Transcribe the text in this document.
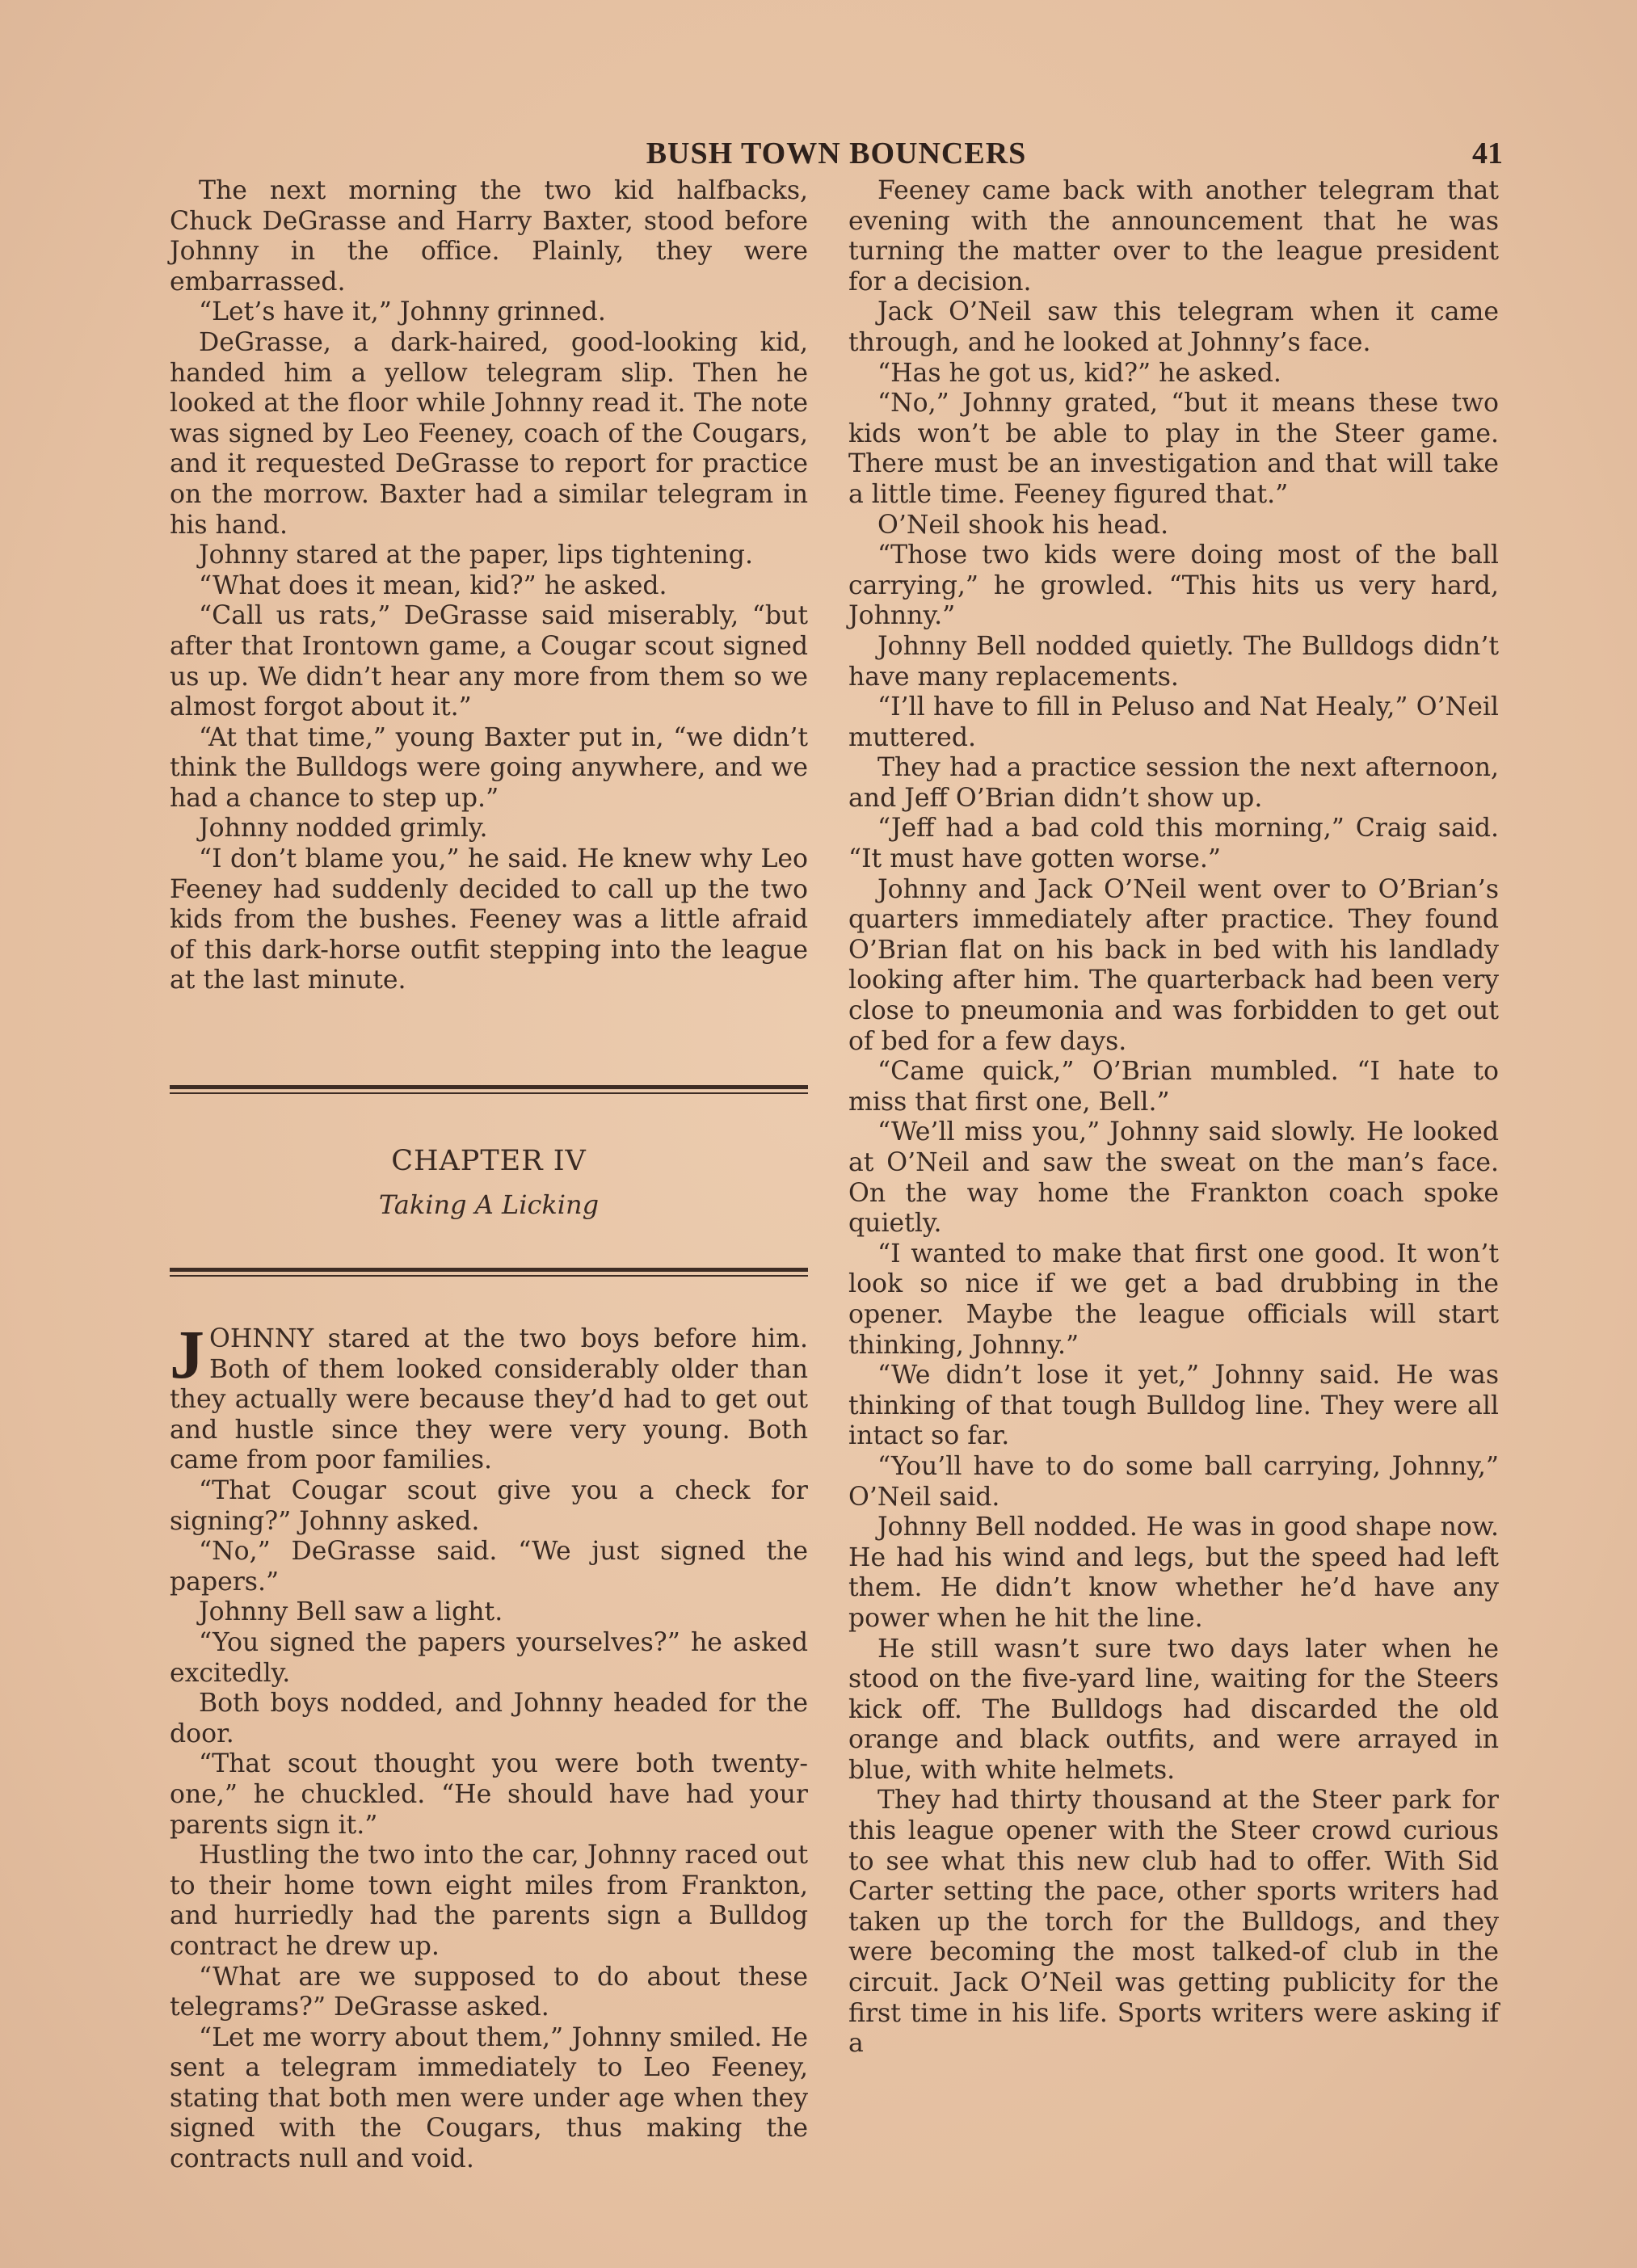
BUSH TOWN BOUNCERS	41

The next morning the two kid halfbacks, Chuck DeGrasse and Harry Baxter, stood before Johnny in the office. Plainly, they were embarrassed.

“Let’s have it,” Johnny grinned.

DeGrasse, a dark-haired, good-looking kid, handed him a yellow telegram slip. Then he looked at the floor while Johnny read it. The note was signed by Leo Feeney, coach of the Cougars, and it requested DeGrasse to report for practice on the morrow. Baxter had a similar telegram in his hand.

Johnny stared at the paper, lips tightening.

“What does it mean, kid?” he asked.

“Call us rats,” DeGrasse said miserably, “but after that Irontown game, a Cougar scout signed us up. We didn’t hear any more from them so we almost forgot about it.”

“At that time,” young Baxter put in, “we didn’t think the Bulldogs were going anywhere, and we had a chance to step up.”

Johnny nodded grimly.

“I don’t blame you,” he said. He knew why Leo Feeney had suddenly decided to call up the two kids from the bushes. Feeney was a little afraid of this dark-horse outfit stepping into the league at the last minute.

CHAPTER IV
Taking A Licking

JOHNNY stared at the two boys before him. Both of them looked considerably older than they actually were because they’d had to get out and hustle since they were very young. Both came from poor families.

“That Cougar scout give you a check for signing?” Johnny asked.

“No,” DeGrasse said. “We just signed the papers.”

Johnny Bell saw a light.

“You signed the papers yourselves?” he asked excitedly.

Both boys nodded, and Johnny headed for the door.

“That scout thought you were both twenty-one,” he chuckled. “He should have had your parents sign it.”

Hustling the two into the car, Johnny raced out to their home town eight miles from Frankton, and hurriedly had the parents sign a Bulldog contract he drew up.

“What are we supposed to do about these telegrams?” DeGrasse asked.

“Let me worry about them,” Johnny smiled. He sent a telegram immediately to Leo Feeney, stating that both men were under age when they signed with the Cougars, thus making the contracts null and void.

Feeney came back with another telegram that evening with the announcement that he was turning the matter over to the league president for a decision.

Jack O’Neil saw this telegram when it came through, and he looked at Johnny’s face.

“Has he got us, kid?” he asked.

“No,” Johnny grated, “but it means these two kids won’t be able to play in the Steer game. There must be an investigation and that will take a little time. Feeney figured that.”

O’Neil shook his head.

“Those two kids were doing most of the ball carrying,” he growled. “This hits us very hard, Johnny.”

Johnny Bell nodded quietly. The Bulldogs didn’t have many replacements.

“I’ll have to fill in Peluso and Nat Healy,” O’Neil muttered.

They had a practice session the next afternoon, and Jeff O’Brian didn’t show up.

“Jeff had a bad cold this morning,” Craig said. “It must have gotten worse.”

Johnny and Jack O’Neil went over to O’Brian’s quarters immediately after practice. They found O’Brian flat on his back in bed with his landlady looking after him. The quarterback had been very close to pneumonia and was forbidden to get out of bed for a few days.

“Came quick,” O’Brian mumbled. “I hate to miss that first one, Bell.”

“We’ll miss you,” Johnny said slowly. He looked at O’Neil and saw the sweat on the man’s face. On the way home the Frankton coach spoke quietly.

“I wanted to make that first one good. It won’t look so nice if we get a bad drubbing in the opener. Maybe the league officials will start thinking, Johnny.”

“We didn’t lose it yet,” Johnny said. He was thinking of that tough Bulldog line. They were all intact so far.

“You’ll have to do some ball carrying, Johnny,” O’Neil said.

Johnny Bell nodded. He was in good shape now. He had his wind and legs, but the speed had left them. He didn’t know whether he’d have any power when he hit the line.

He still wasn’t sure two days later when he stood on the five-yard line, waiting for the Steers kick off. The Bulldogs had discarded the old orange and black outfits, and were arrayed in blue, with white helmets.

They had thirty thousand at the Steer park for this league opener with the Steer crowd curious to see what this new club had to offer. With Sid Carter setting the pace, other sports writers had taken up the torch for the Bulldogs, and they were becoming the most talked-of club in the circuit. Jack O’Neil was getting publicity for the first time in his life. Sports writers were asking if a
